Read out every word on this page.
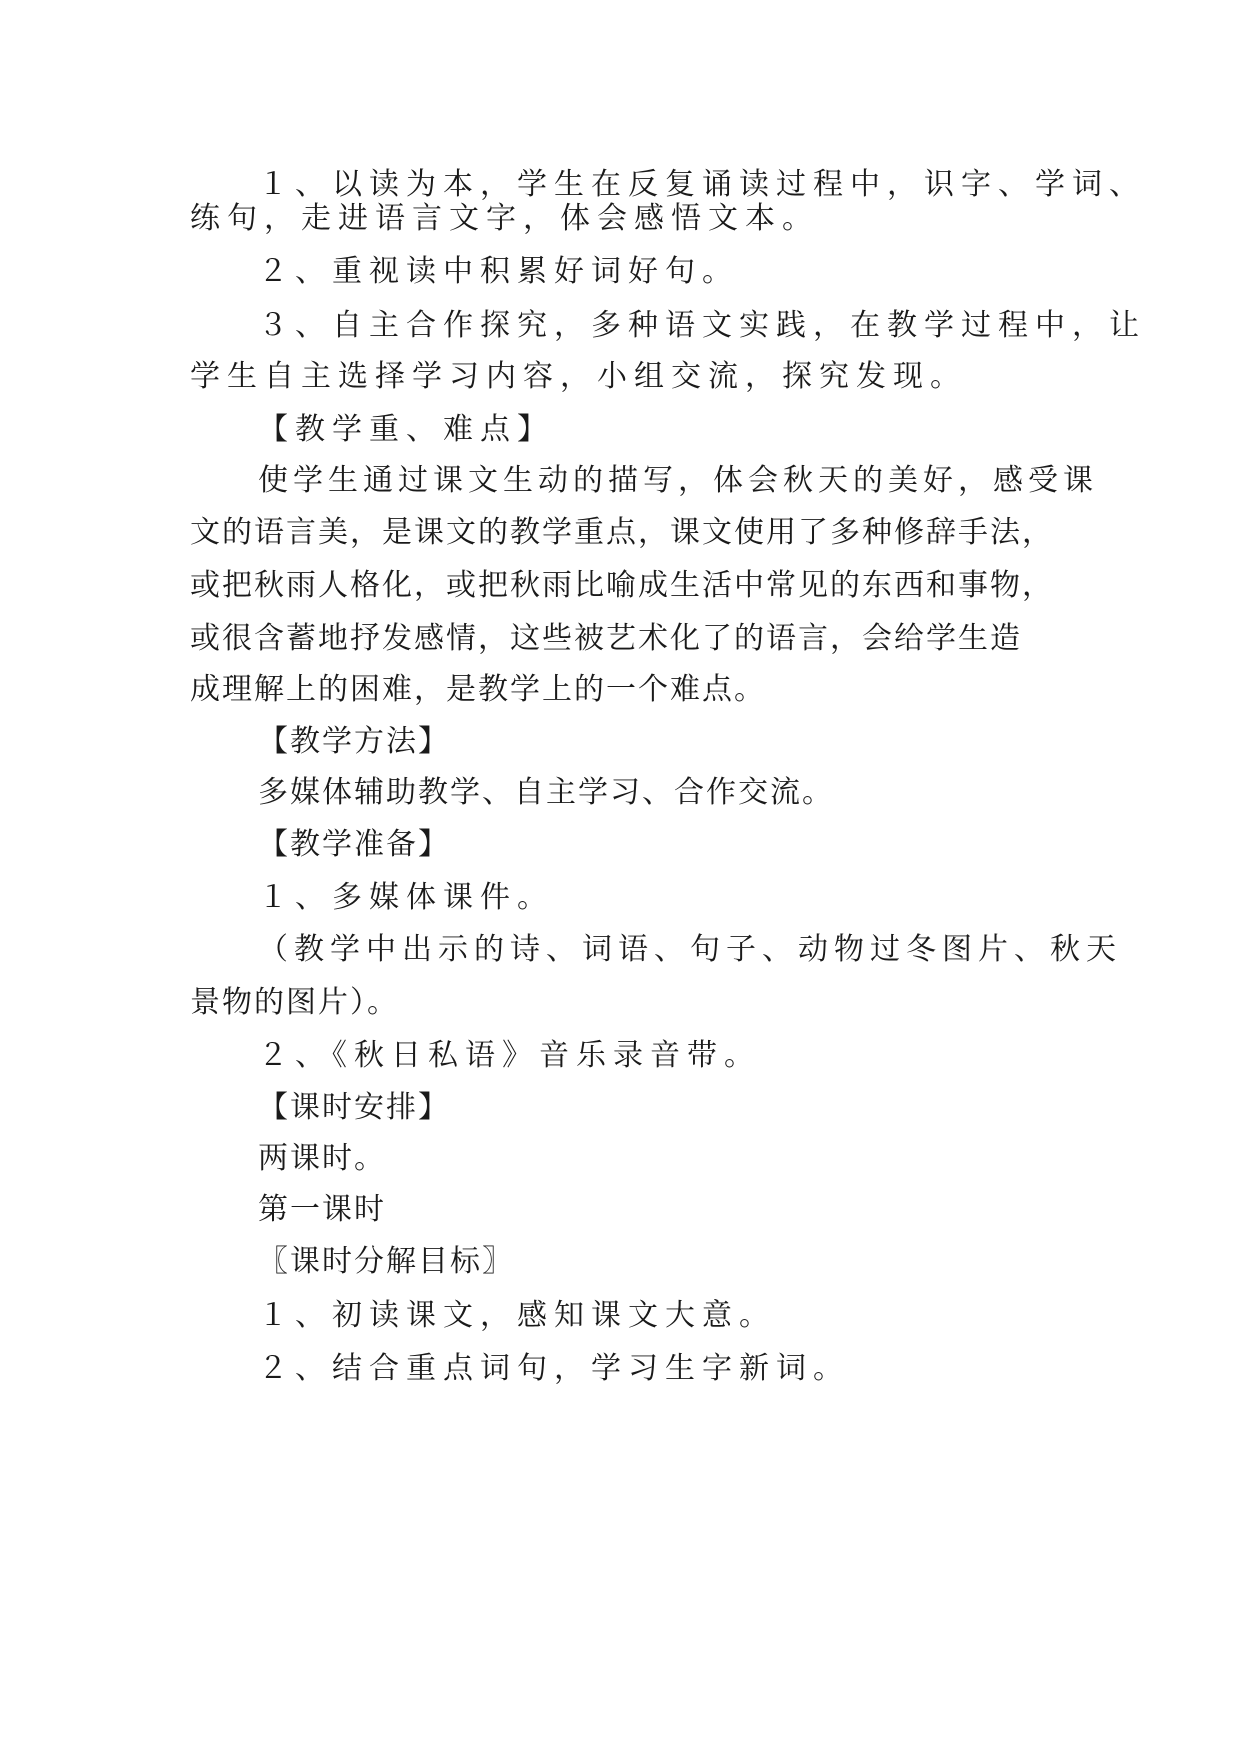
１、以读为本，学生在反复诵读过程中，识字、学词、
练句，走进语言文字，体会感悟文本。
２、重视读中积累好词好句。
３、自主合作探究，多种语文实践，在教学过程中，让
学生自主选择学习内容，小组交流，探究发现。
【教学重、难点】
使学生通过课文生动的描写，体会秋天的美好，感受课
文的语言美，是课文的教学重点，课文使用了多种修辞手法，
或把秋雨人格化，或把秋雨比喻成生活中常见的东西和事物，
或很含蓄地抒发感情，这些被艺术化了的语言，会给学生造
成理解上的困难，是教学上的一个难点。
【教学方法】
多媒体辅助教学、自主学习、合作交流。
【教学准备】
１、多媒体课件。
（教学中出示的诗、词语、句子、动物过冬图片、秋天
景物的图片）。
２、《秋日私语》音乐录音带。
【课时安排】
两课时。
第一课时
〖课时分解目标〗
１、初读课文，感知课文大意。
２、结合重点词句，学习生字新词。
